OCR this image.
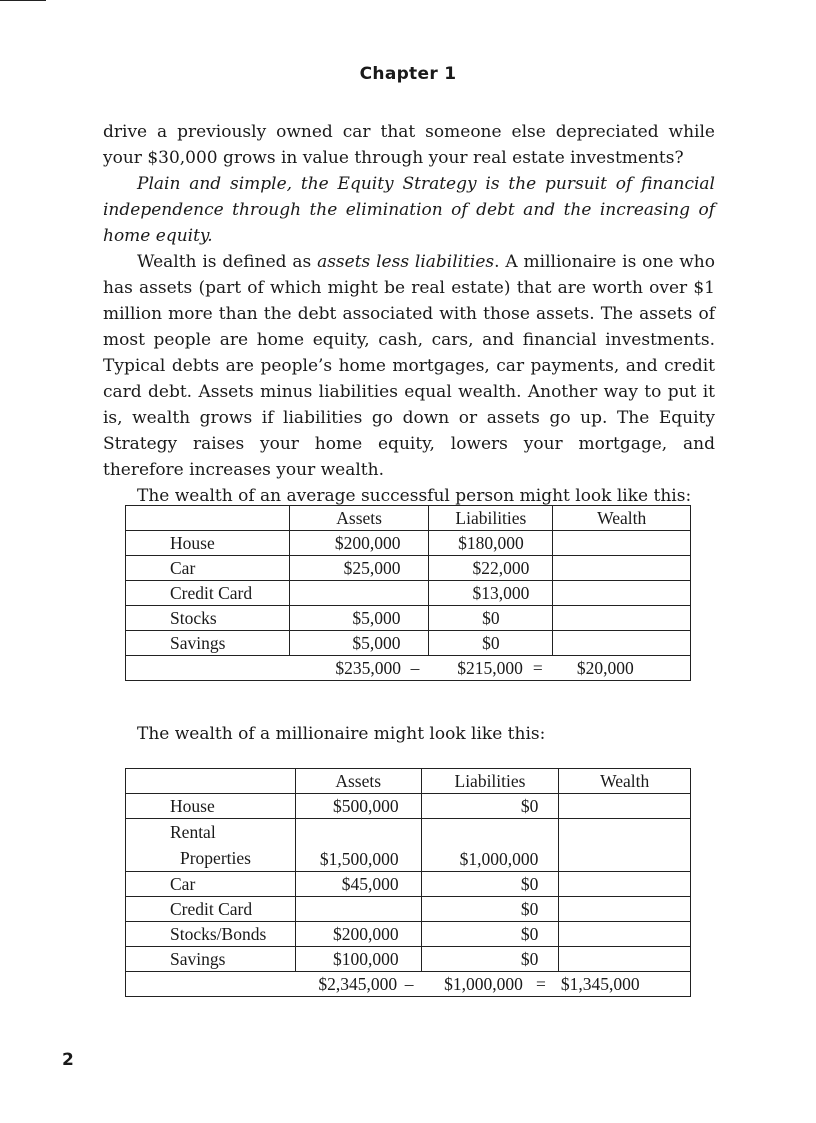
Chapter 1

drive a previously owned car that someone else depreciated while your $30,000 grows in value through your real estate investments?

Plain and simple, the Equity Strategy is the pursuit of financial independence through the elimination of debt and the increasing of home equity.

Wealth is defined as assets less liabilities. A millionaire is one who has assets (part of which might be real estate) that are worth over $1 million more than the debt associated with those assets. The assets of most people are home equity, cash, cars, and financial investments. Typical debts are people’s home mortgages, car payments, and credit card debt. Assets minus liabilities equal wealth. Another way to put it is, wealth grows if liabilities go down or assets go up. The Equity Strategy raises your home equity, lowers your mortgage, and therefore increases your wealth.

The wealth of an average successful person might look like this:

	Assets	Liabilities	Wealth
House	$200,000	$180,000	
Car	$25,000	$22,000	
Credit Card		$13,000	
Stocks	$5,000	$0	
Savings	$5,000	$0	
	$235,000 –	$215,000 =	$20,000
The wealth of a millionaire might look like this:
	Assets	Liabilities	Wealth
House	$500,000	$0	
Rental
Properties	$1,500,000	$1,000,000	
Car	$45,000	$0	
Credit Card		$0	
Stocks/Bonds	$200,000	$0	
Savings	$100,000	$0	
	$2,345,000 –	$1,000,000 =	$1,345,000
2
